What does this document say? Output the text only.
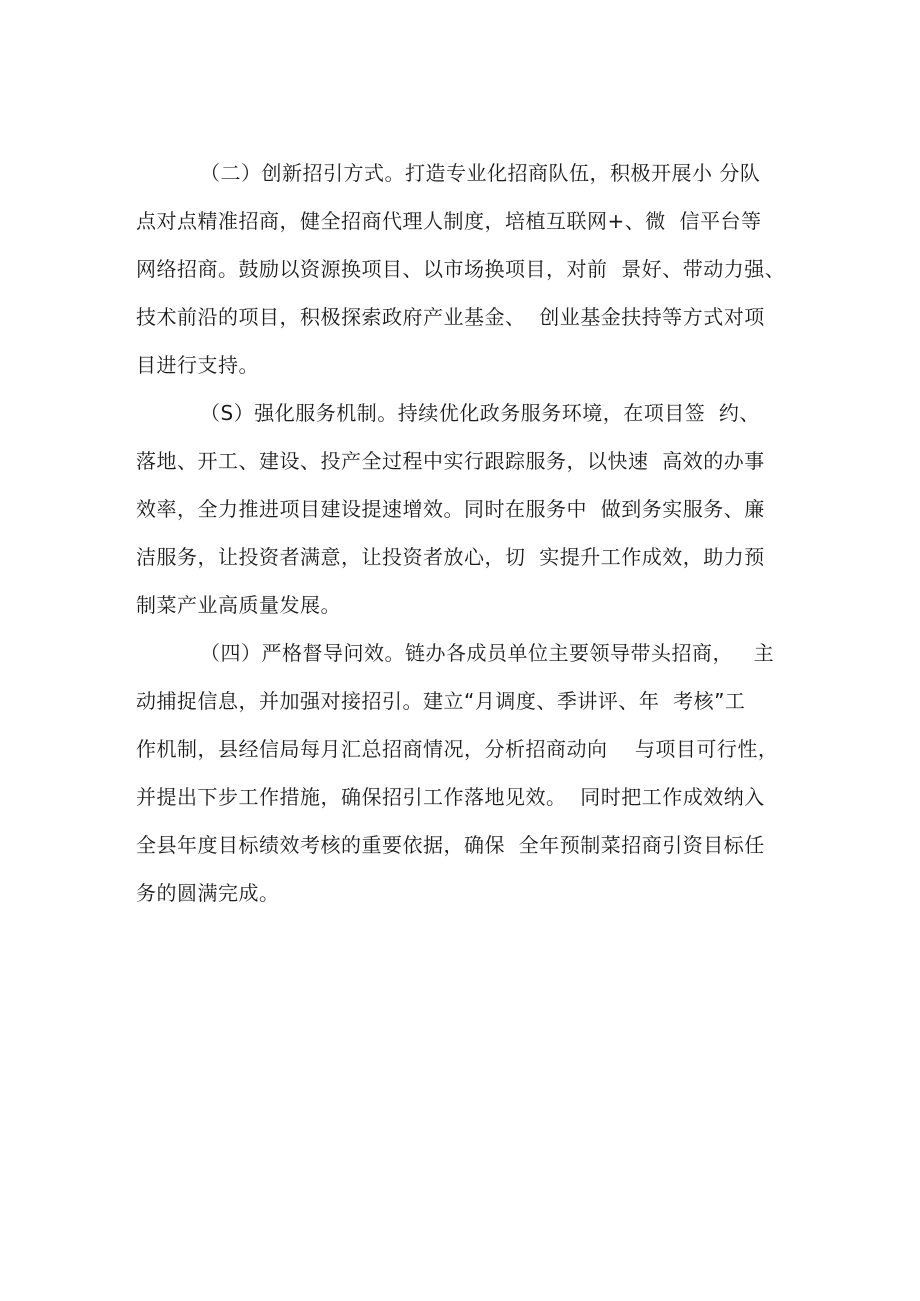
（二）创新招引方式。打造专业化招商队伍，积极开展小 分队
点对点精准招商，健全招商代理人制度，培植互联网+、微  信平台等
网络招商。鼓励以资源换项目、以市场换项目，对前  景好、带动力强、
技术前沿的项目，积极探索政府产业基金、  创业基金扶持等方式对项
目进行支持。
（S）强化服务机制。持续优化政务服务环境，在项目签  约、
落地、开工、建设、投产全过程中实行跟踪服务，以快速  高效的办事
效率，全力推进项目建设提速增效。同时在服务中  做到务实服务、廉
洁服务，让投资者满意，让投资者放心，切  实提升工作成效，助力预
制菜产业高质量发展。
（四）严格督导问效。链办各成员单位主要领导带头招商，   主
动捕捉信息，并加强对接招引。建立“月调度、季讲评、年  考核”工
作机制，县经信局每月汇总招商情况，分析招商动向    与项目可行性，
并提出下步工作措施，确保招引工作落地见效。  同时把工作成效纳入
全县年度目标绩效考核的重要依据，确保  全年预制菜招商引资目标任
务的圆满完成。
